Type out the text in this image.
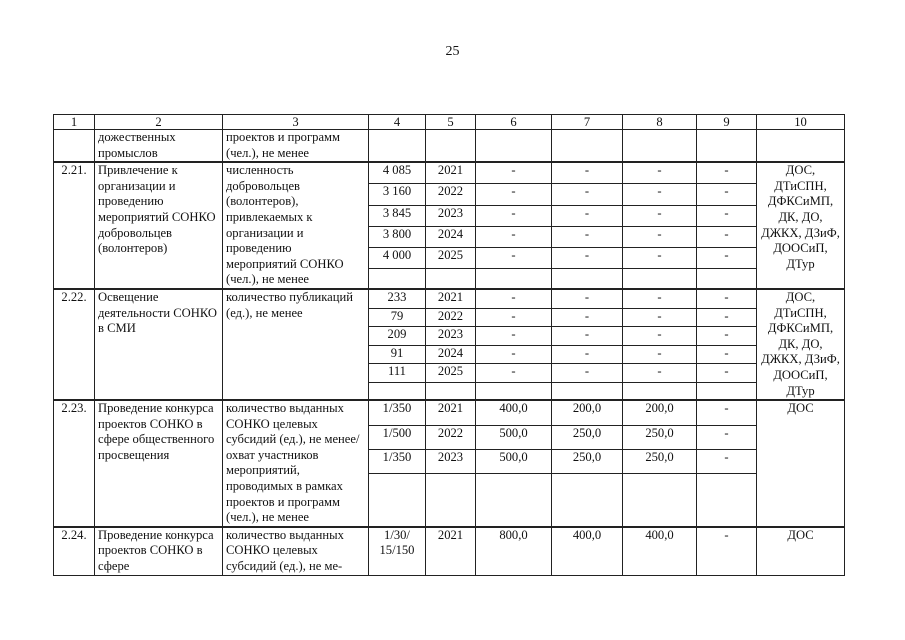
25
1	2	3	4	5	6	7	8	9	10
	дожественных промыслов	проектов и программ (чел.), не менее							
2.21.	Привлечение к организации и проведению мероприятий СОНКО добровольцев (волонтеров)	численность добровольцев (волонтеров), привлекаемых к организации и проведению мероприятий СОНКО (чел.), не менее	4 085	2021	-	-	-	-	ДОС, ДТиСПН, ДФКСиМП, ДК, ДО, ДЖКХ, ДЗиФ, ДООСиП, ДТур
			3 160	2022	-	-	-	-	
			3 845	2023	-	-	-	-	
			3 800	2024	-	-	-	-	
			4 000	2025	-	-	-	-	

2.22.	Освещение деятельности СОНКО в СМИ	количество публикаций (ед.), не менее	233	2021	-	-	-	-	ДОС, ДТиСПН, ДФКСиМП, ДК, ДО, ДЖКХ, ДЗиФ, ДООСиП, ДТур
			79	2022	-	-	-	-	
			209	2023	-	-	-	-	
			91	2024	-	-	-	-	
			111	2025	-	-	-	-	

2.23.	Проведение конкурса проектов СОНКО в сфере общественного просвещения	количество выданных СОНКО целевых субсидий (ед.), не менее/ охват участников мероприятий, проводимых в рамках проектов и программ (чел.), не менее	1/350	2021	400,0	200,0	200,0	-	ДОС
			1/500	2022	500,0	250,0	250,0	-	
			1/350	2023	500,0	250,0	250,0	-	

2.24.	Проведение конкурса проектов СОНКО в сфере	количество выданных СОНКО целевых субсидий (ед.), не ме-	1/30/ 15/150	2021	800,0	400,0	400,0	-	ДОС
